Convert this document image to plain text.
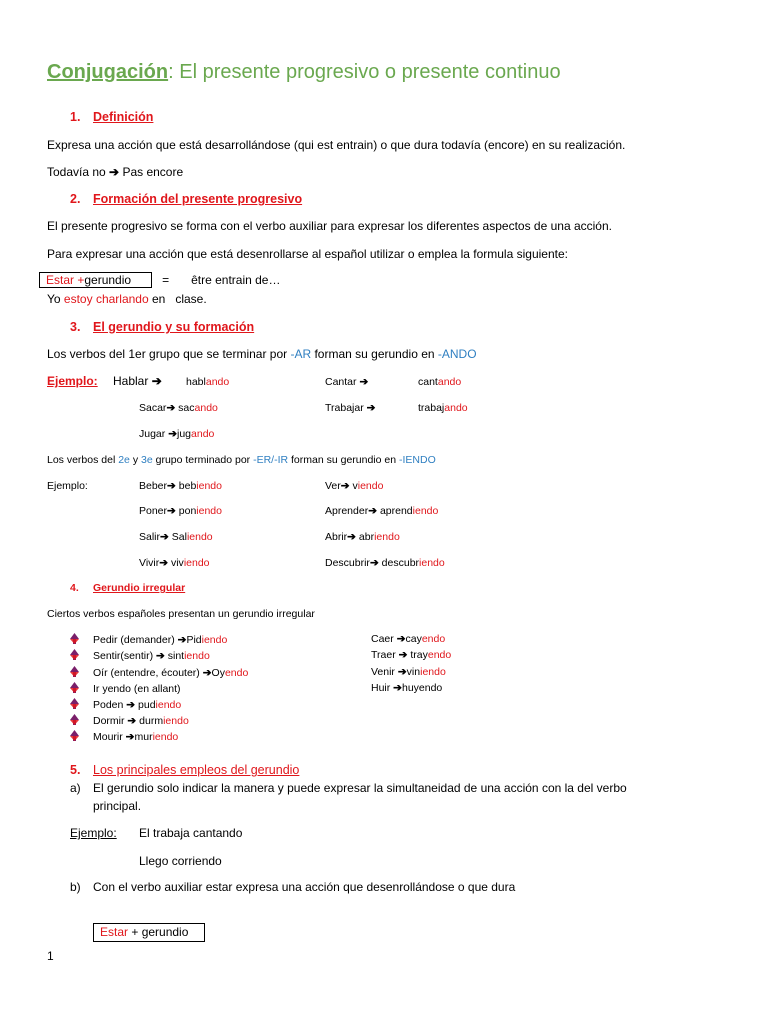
Conjugación: El presente progresivo o presente continuo
1. Definición
Expresa una acción que está desarrollándose (qui est entrain) o que dura todavía (encore) en su realización.
Todavía no ➔ Pas encore
2. Formación del presente progresivo
El presente progresivo se forma con el verbo auxiliar para expresar los diferentes aspectos de una acción.
Para expresar una acción que está desenrollarse al español utilizar o emplea la formula siguiente:
Estar +gerundio	= être entrain de…
Yo estoy charlando en clase.
3. El gerundio y su formación
Los verbos del 1er grupo que se terminar por -AR forman su gerundio en -ANDO
Ejemplo: Hablar ➔ hablando	Cantar ➔	cantando
Sacar➔ sacando	Trabajar ➔	trabajando
Jugar ➔jugando
Los verbos del 2e y 3e grupo terminado por -ER/-IR forman su gerundio en -IENDO
Ejemplo:	Beber➔ bebiendo	Ver➔ viendo
Poner➔ poniendo	Aprender➔ aprendiendo
Salir➔ Saliendo	Abrir➔ abriendo
Vivir➔ viviendo	Descubrir➔ descubriendo
4. Gerundio irregular
Ciertos verbos españoles presentan un gerundio irregular
Pedir (demander) ➔Pidiendo
Sentir(sentir) ➔ sintiendo
Oír (entendre, écouter) ➔Oyendo
Ir yendo (en allant)
Poden ➔ pudiendo
Dormir ➔ durmiendo
Mourir ➔muriendo
Caer ➔cayendo
Traer ➔ trayendo
Venir ➔viniendo
Huir ➔huyendo
5. Los principales empleos del gerundio
a) El gerundio solo indicar la manera y puede expresar la simultaneidad de una acción con la del verbo
principal.
Ejemplo: El trabaja cantando
Llego corriendo
b) Con el verbo auxiliar estar expresa una acción que desenrollándose o que dura
Estar + gerundio
1
